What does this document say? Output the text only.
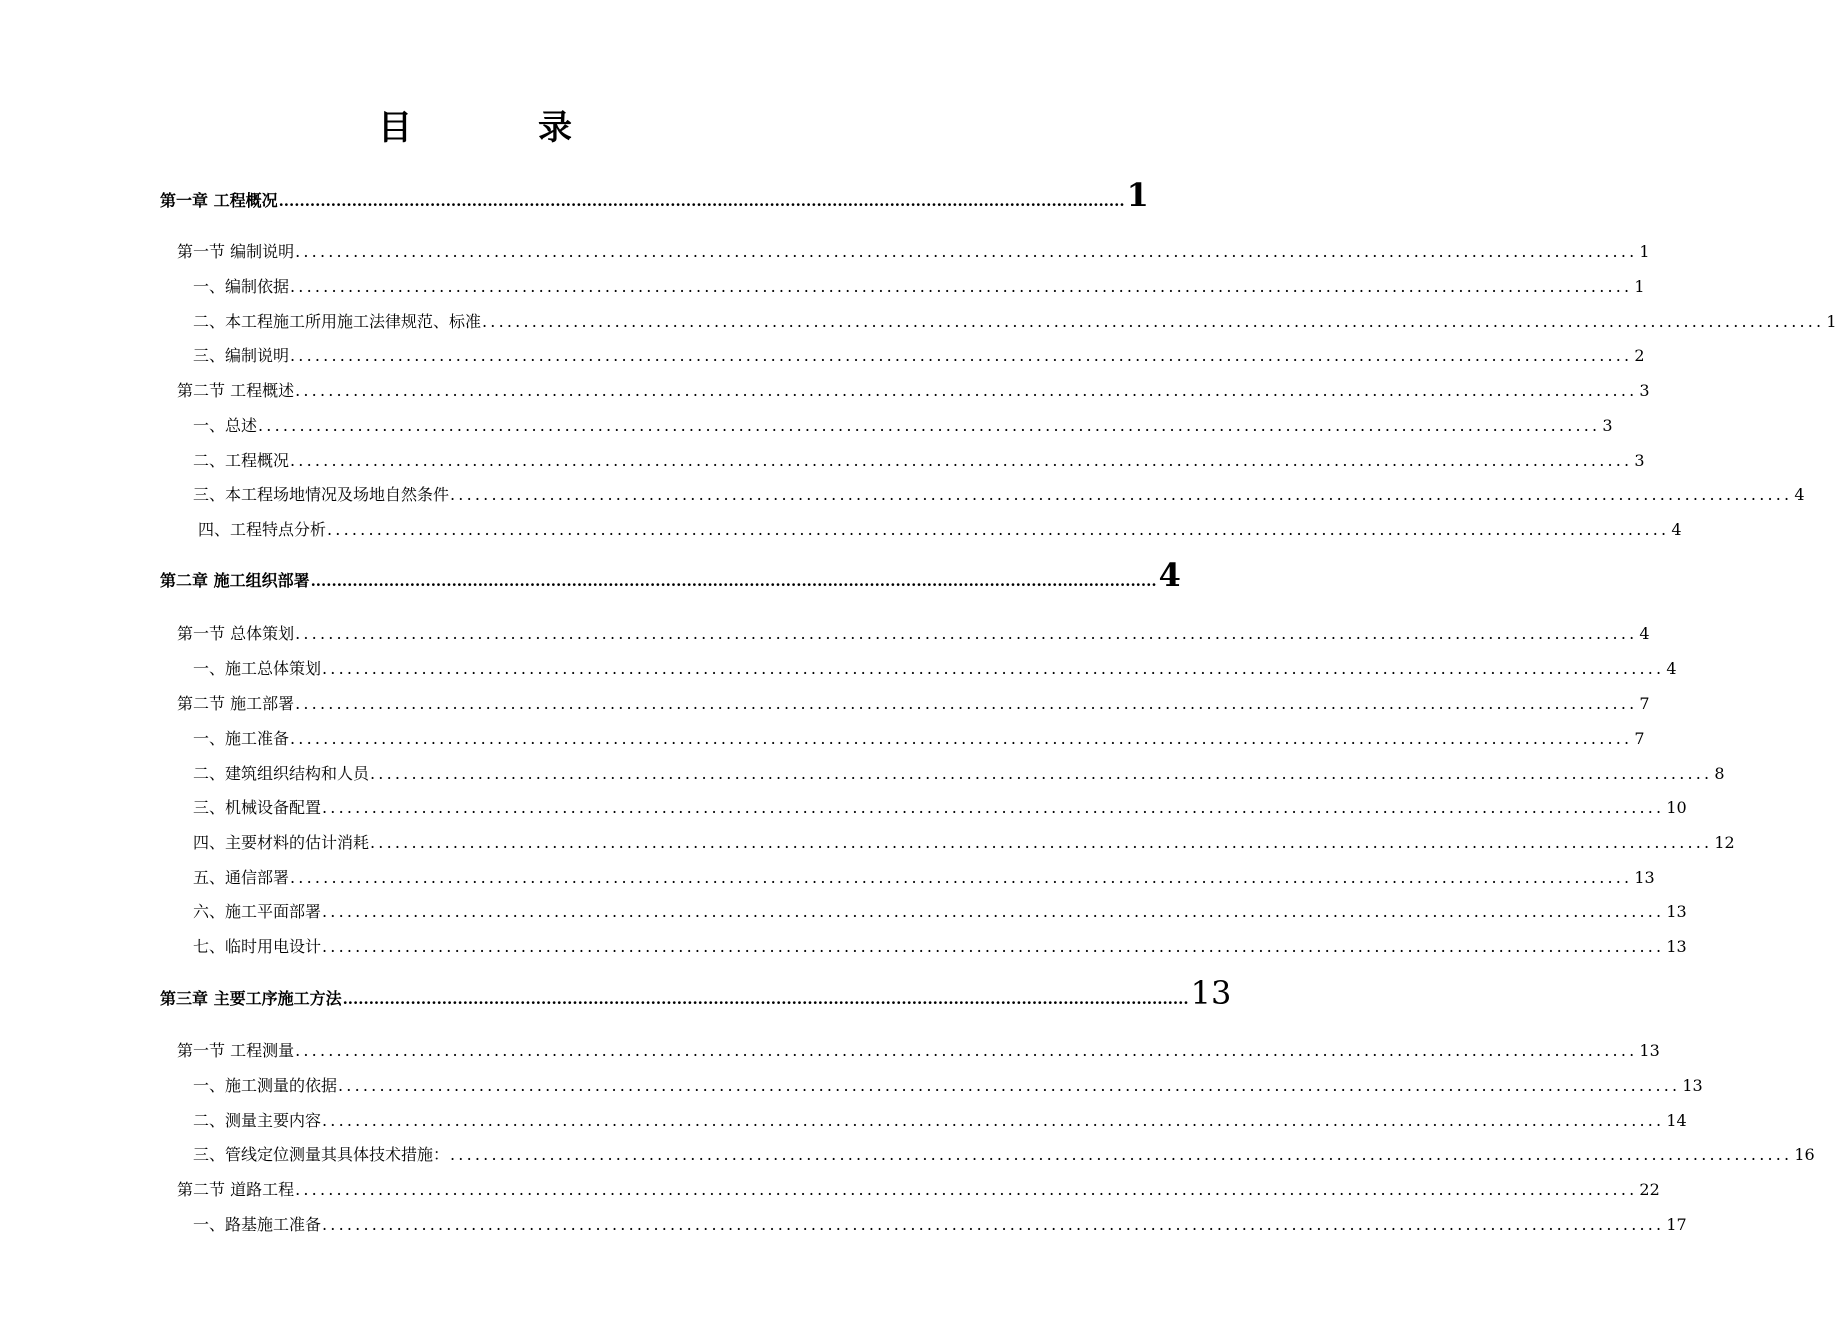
目　录
第一章 工程概况 .................................................................................................................................................................. 1
第一节 编制说明 .................................................................................................................................................................. 1
一、编制依据 .................................................................................................................................................................. 1
二、本工程施工所用施工法律规范、标准 .................................................................................................................................................................. 1
三、编制说明 .................................................................................................................................................................. 2
第二节 工程概述 .................................................................................................................................................................. 3
一、总述 .................................................................................................................................................................. 3
二、工程概况 .................................................................................................................................................................. 3
三、本工程场地情况及场地自然条件 .................................................................................................................................................................. 4
四、工程特点分析 .................................................................................................................................................................. 4
第二章 施工组织部署 .................................................................................................................................................................. 4
第一节 总体策划 .................................................................................................................................................................. 4
一、施工总体策划 .................................................................................................................................................................. 4
第二节 施工部署 .................................................................................................................................................................. 7
一、施工准备 .................................................................................................................................................................. 7
二、建筑组织结构和人员 .................................................................................................................................................................. 8
三、机械设备配置 .................................................................................................................................................................. 10
四、主要材料的估计消耗 .................................................................................................................................................................. 12
五、通信部署 .................................................................................................................................................................. 13
六、施工平面部署 .................................................................................................................................................................. 13
七、临时用电设计 .................................................................................................................................................................. 13
第三章 主要工序施工方法 .................................................................................................................................................................. 13
第一节 工程测量 .................................................................................................................................................................. 13
一、施工测量的依据 .................................................................................................................................................................. 13
二、测量主要内容 .................................................................................................................................................................. 14
三、管线定位测量其具体技术措施： .................................................................................................................................................................. 16
第二节 道路工程 .................................................................................................................................................................. 22
一、路基施工准备 .................................................................................................................................................................. 17
